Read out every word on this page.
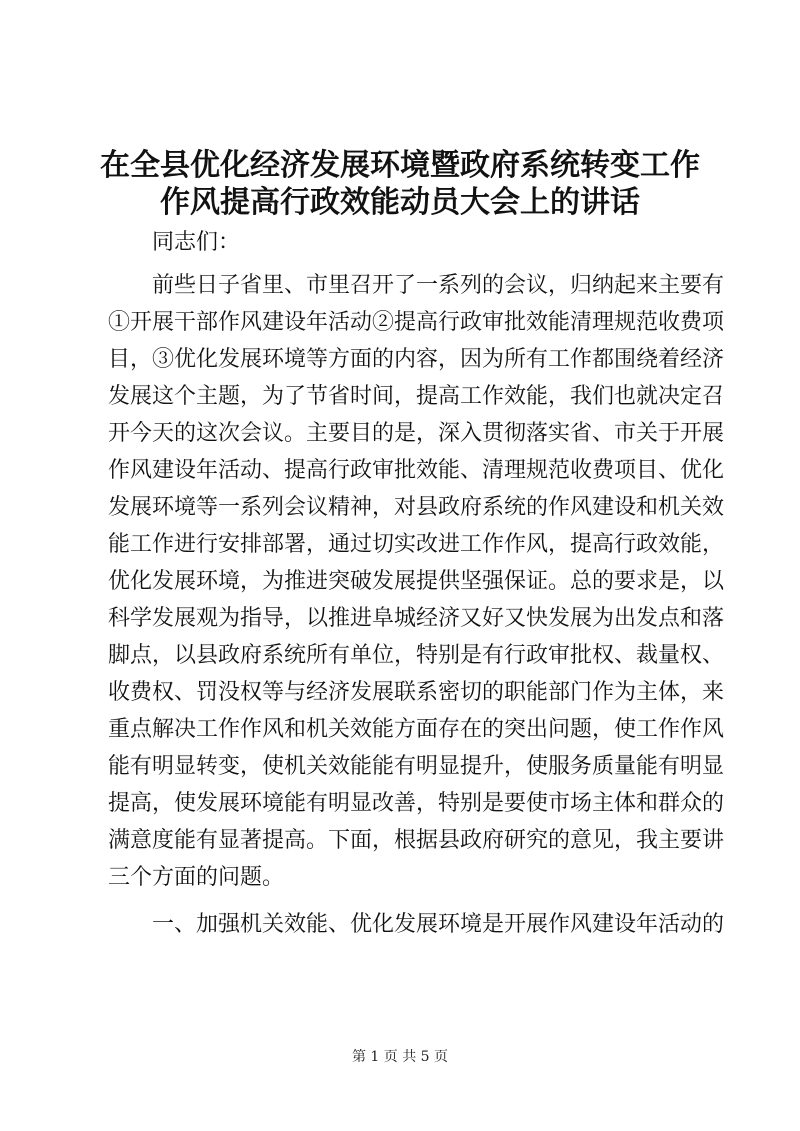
在全县优化经济发展环境暨政府系统转变工作
作风提高行政效能动员大会上的讲话

同志们：

前些日子省里、市里召开了一系列的会议，归纳起来主要有

①开展干部作风建设年活动②提高行政审批效能清理规范收费项

目，③优化发展环境等方面的内容，因为所有工作都围绕着经济

发展这个主题，为了节省时间，提高工作效能，我们也就决定召

开今天的这次会议。主要目的是，深入贯彻落实省、市关于开展

作风建设年活动、提高行政审批效能、清理规范收费项目、优化

发展环境等一系列会议精神，对县政府系统的作风建设和机关效

能工作进行安排部署，通过切实改进工作作风，提高行政效能，

优化发展环境，为推进突破发展提供坚强保证。总的要求是，以

科学发展观为指导，以推进阜城经济又好又快发展为出发点和落

脚点，以县政府系统所有单位，特别是有行政审批权、裁量权、

收费权、罚没权等与经济发展联系密切的职能部门作为主体，来

重点解决工作作风和机关效能方面存在的突出问题，使工作作风

能有明显转变，使机关效能能有明显提升，使服务质量能有明显

提高，使发展环境能有明显改善，特别是要使市场主体和群众的

满意度能有显著提高。下面，根据县政府研究的意见，我主要讲

三个方面的问题。

一、加强机关效能、优化发展环境是开展作风建设年活动的

第 1 页 共 5 页
